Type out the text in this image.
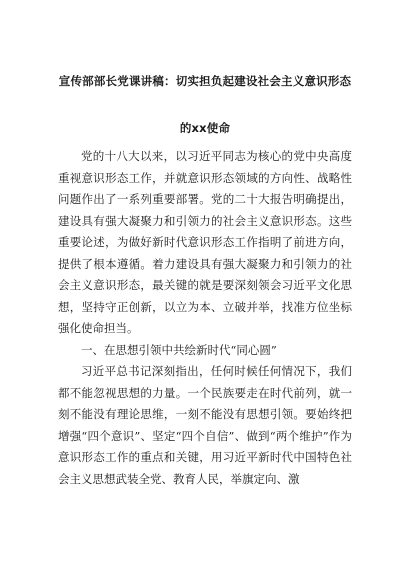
宣传部部长党课讲稿：切实担负起建设社会主义意识形态
的xx使命

党的十八大以来，以习近平同志为核心的党中央高度重视意识形态工作，并就意识形态领域的方向性、战略性问题作出了一系列重要部署。党的二十大报告明确提出，建设具有强大凝聚力和引领力的社会主义意识形态。这些重要论述，为做好新时代意识形态工作指明了前进方向，提供了根本遵循。着力建设具有强大凝聚力和引领力的社会主义意识形态，最关键的就是要深刻领会习近平文化思想，坚持守正创新，以立为本、立破并举，找准方位坐标强化使命担当。

一、在思想引领中共绘新时代“同心圆”

习近平总书记深刻指出，任何时候任何情况下，我们都不能忽视思想的力量。一个民族要走在时代前列，就一刻不能没有理论思维，一刻不能没有思想引领。要始终把增强“四个意识”、坚定“四个自信”、做到“两个维护”作为意识形态工作的重点和关键，用习近平新时代中国特色社会主义思想武装全党、教育人民，举旗定向、激
